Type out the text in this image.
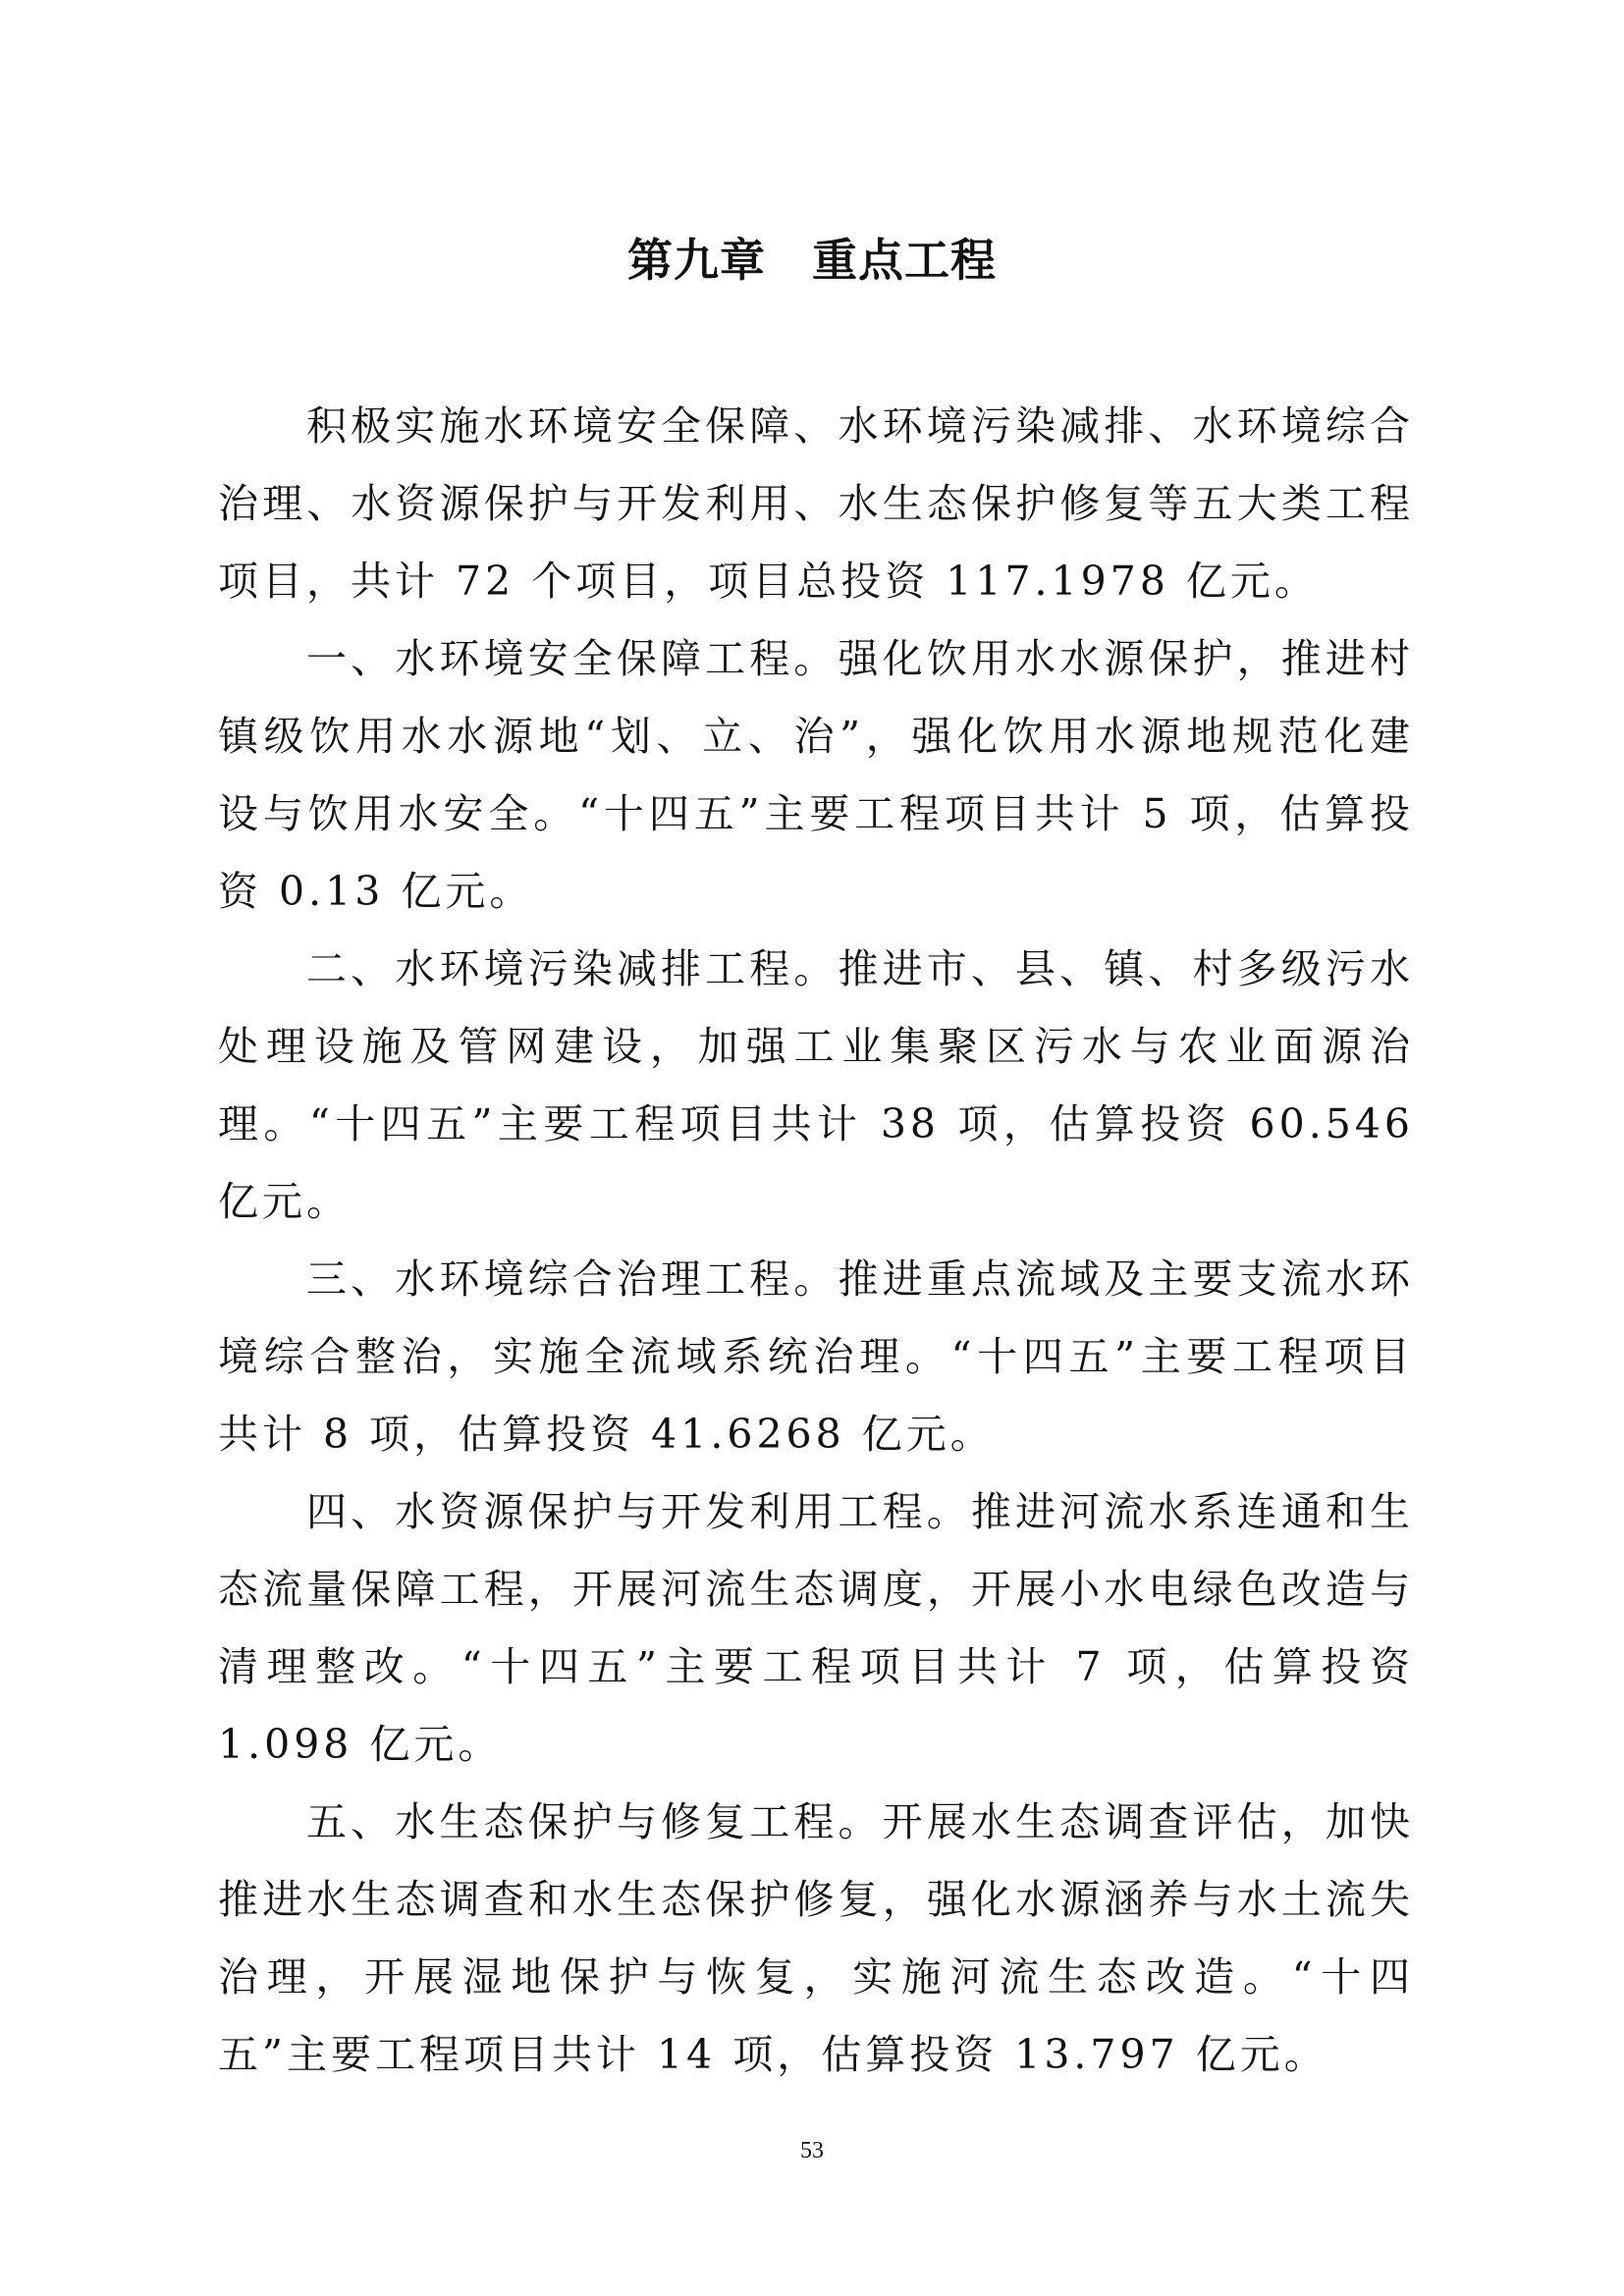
第九章　重点工程

积极实施水环境安全保障、水环境污染减排、水环境综合治理、水资源保护与开发利用、水生态保护修复等五大类工程项目，共计 72 个项目，项目总投资 117.1978 亿元。

一、水环境安全保障工程。强化饮用水水源保护，推进村镇级饮用水水源地“划、立、治”，强化饮用水源地规范化建设与饮用水安全。“十四五”主要工程项目共计 5 项，估算投资 0.13 亿元。

二、水环境污染减排工程。推进市、县、镇、村多级污水处理设施及管网建设，加强工业集聚区污水与农业面源治理。“十四五”主要工程项目共计 38 项，估算投资 60.546 亿元。

三、水环境综合治理工程。推进重点流域及主要支流水环境综合整治，实施全流域系统治理。“十四五”主要工程项目共计 8 项，估算投资 41.6268 亿元。

四、水资源保护与开发利用工程。推进河流水系连通和生态流量保障工程，开展河流生态调度，开展小水电绿色改造与清理整改。“十四五”主要工程项目共计 7 项，估算投资 1.098 亿元。

五、水生态保护与修复工程。开展水生态调查评估，加快推进水生态调查和水生态保护修复，强化水源涵养与水土流失治理，开展湿地保护与恢复，实施河流生态改造。“十四五”主要工程项目共计 14 项，估算投资 13.797 亿元。

53
